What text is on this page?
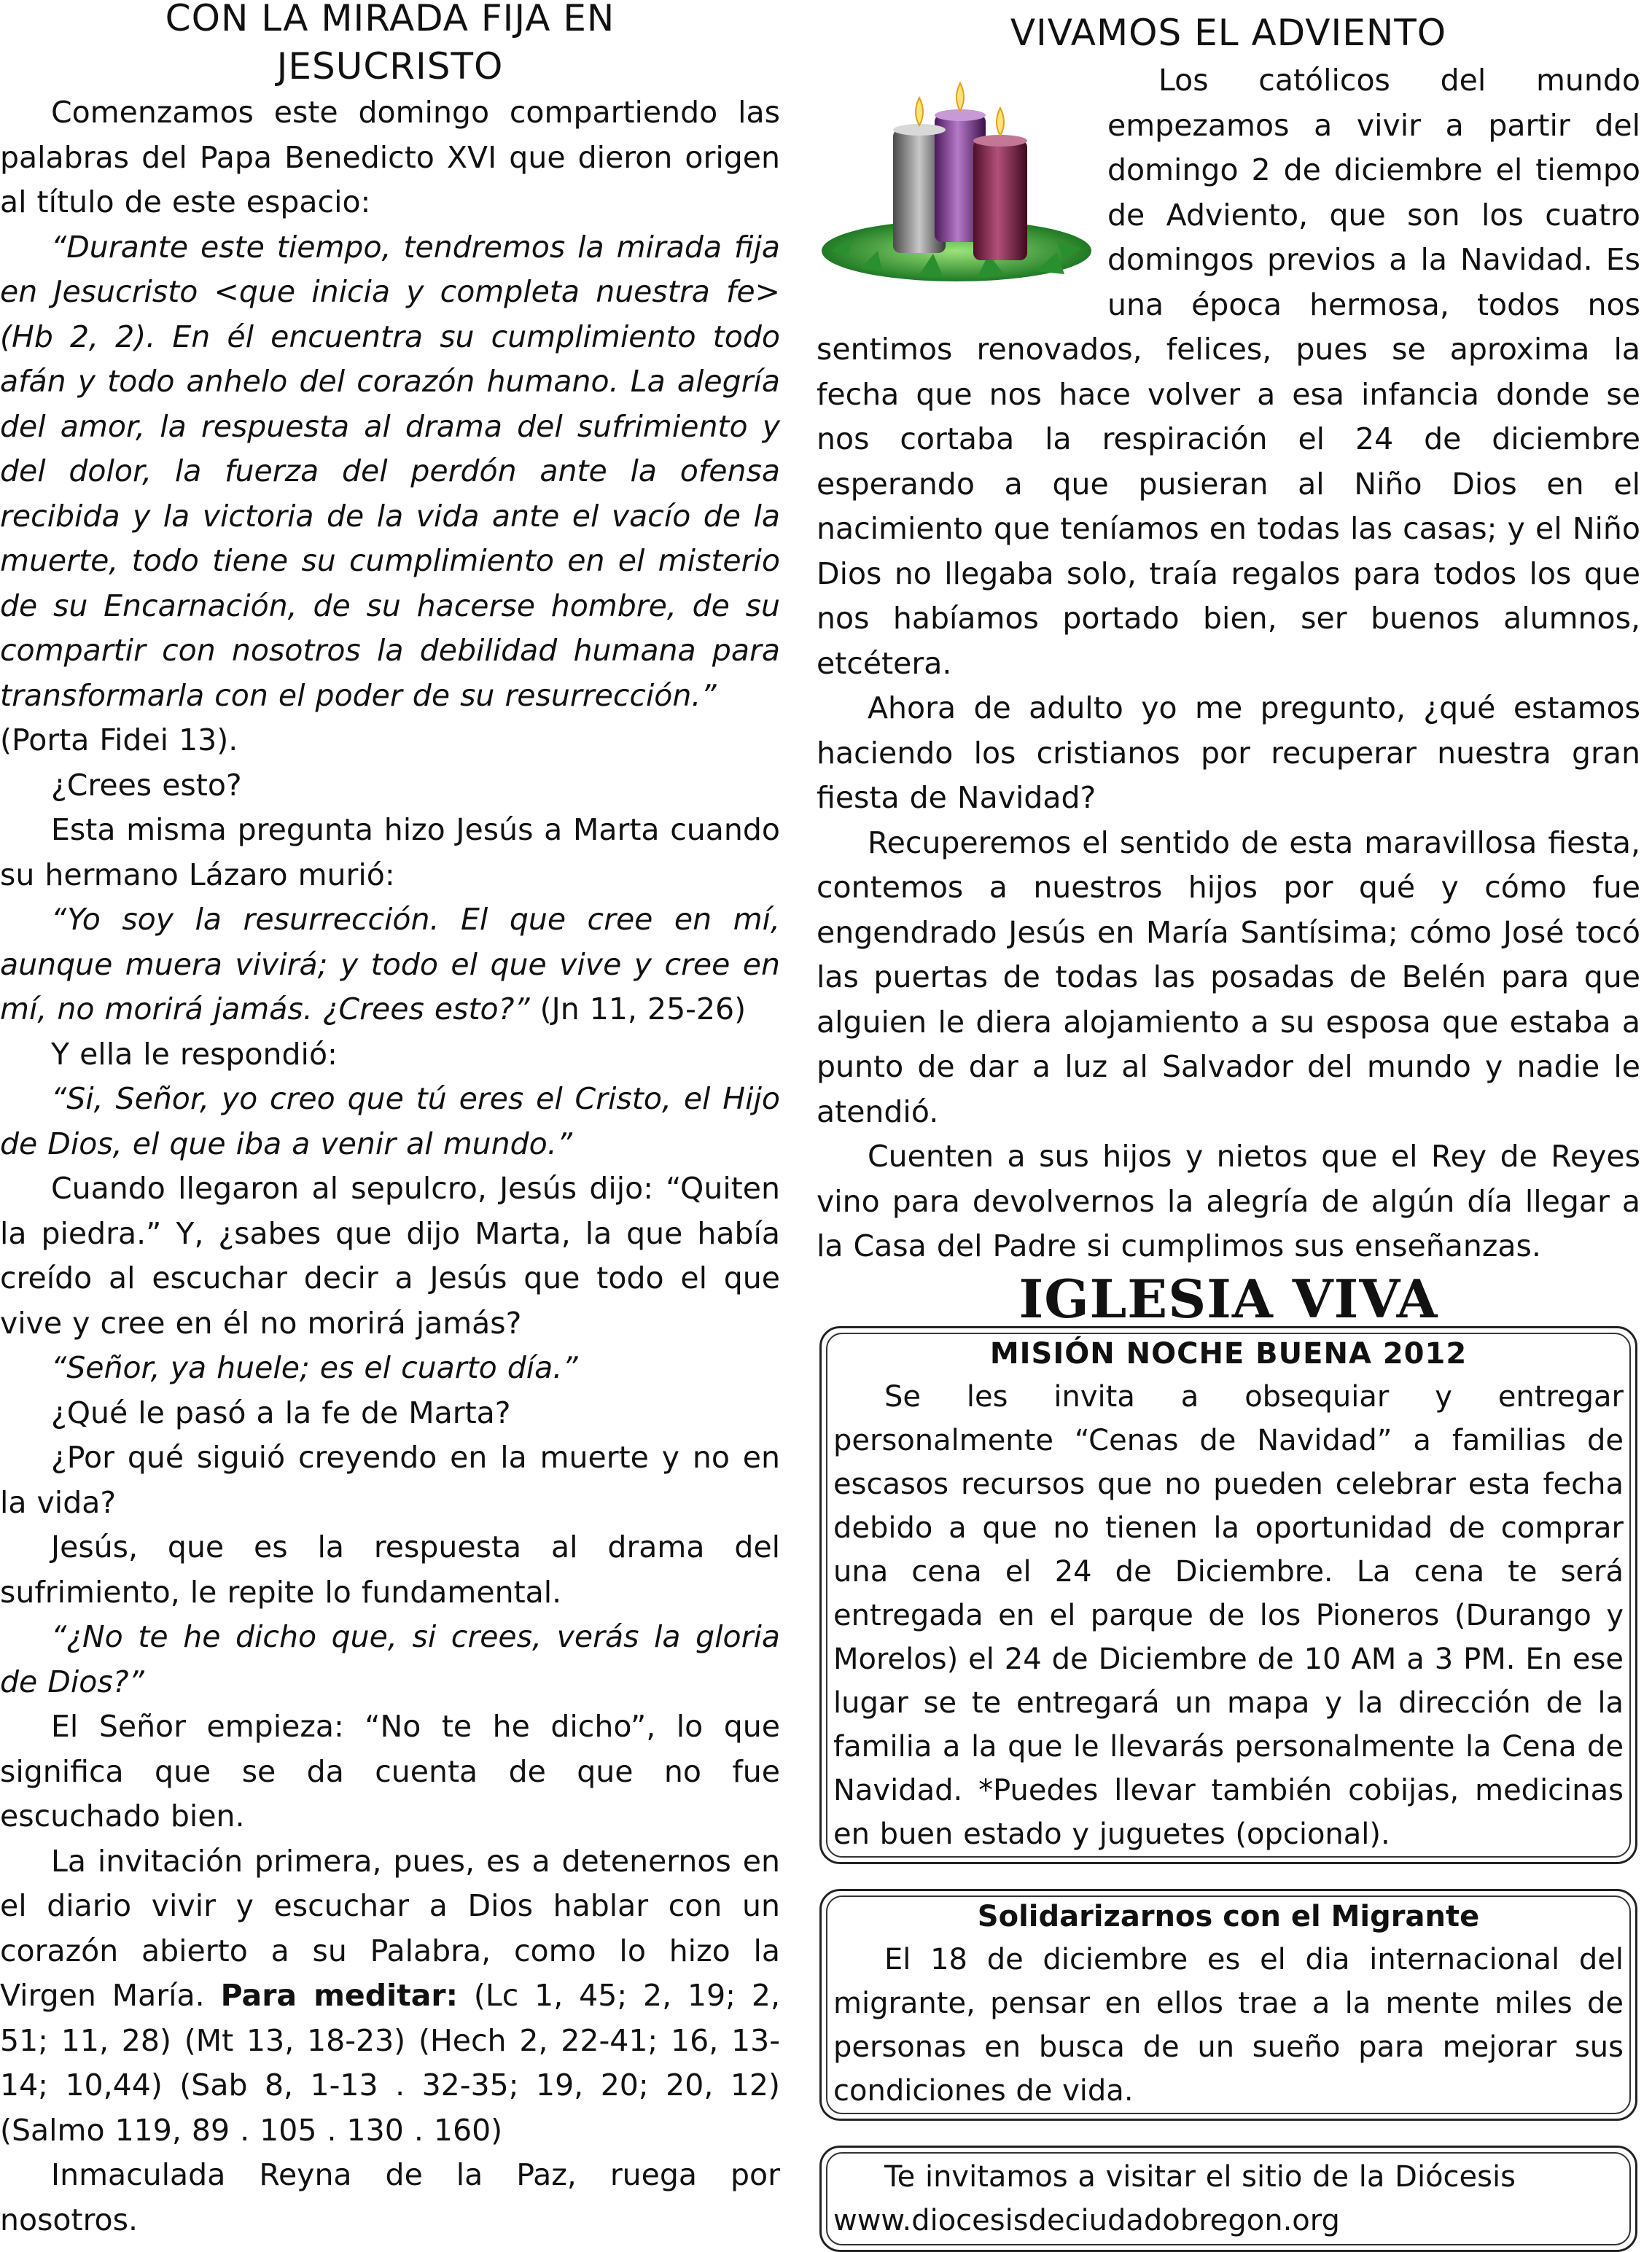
CON LA MIRADA FIJA EN
JESUCRISTO

Comenzamos este domingo compartiendo las palabras del Papa Benedicto XVI que dieron origen al título de este espacio:

“Durante este tiempo, tendremos la mirada fija en Jesucristo <que inicia y completa nuestra fe> (Hb 2, 2). En él encuentra su cumplimiento todo afán y todo anhelo del corazón humano. La alegría del amor, la respuesta al drama del sufrimiento y del dolor, la fuerza del perdón ante la ofensa recibida y la victoria de la vida ante el vacío de la muerte, todo tiene su cumplimiento en el misterio de su Encarnación, de su hacerse hombre, de su compartir con nosotros la debilidad humana para transformarla con el poder de su resurrección.”
(Porta Fidei 13).

¿Crees esto?

Esta misma pregunta hizo Jesús a Marta cuando su hermano Lázaro murió:

“Yo soy la resurrección. El que cree en mí, aunque muera vivirá; y todo el que vive y cree en mí, no morirá jamás. ¿Crees esto?” (Jn 11, 25-26)

Y ella le respondió:

“Si, Señor, yo creo que tú eres el Cristo, el Hijo de Dios, el que iba a venir al mundo.”

Cuando llegaron al sepulcro, Jesús dijo: “Quiten la piedra.” Y, ¿sabes que dijo Marta, la que había creído al escuchar decir a Jesús que todo el que vive y cree en él no morirá jamás?

“Señor, ya huele; es el cuarto día.”

¿Qué le pasó a la fe de Marta?

¿Por qué siguió creyendo en la muerte y no en la vida?

Jesús, que es la respuesta al drama del sufrimiento, le repite lo fundamental.

“¿No te he dicho que, si crees, verás la gloria de Dios?”

El Señor empieza: “No te he dicho”, lo que significa que se da cuenta de que no fue escuchado bien.

La invitación primera, pues, es a detenernos en el diario vivir y escuchar a Dios hablar con un corazón abierto a su Palabra, como lo hizo la Virgen María. Para meditar: (Lc 1, 45; 2, 19; 2, 51; 11, 28) (Mt 13, 18-23) (Hech 2, 22-41; 16, 13-14; 10,44) (Sab 8, 1-13 . 32-35; 19, 20; 20, 12) (Salmo 119, 89 . 105 . 130 . 160)

Inmaculada Reyna de la Paz, ruega por nosotros.

VIVAMOS EL ADVIENTO

Los católicos del mundo empezamos a vivir a partir del domingo 2 de diciembre el tiempo de Adviento, que son los cuatro domingos previos a la Navidad. Es una época hermosa, todos nos sentimos renovados, felices, pues se aproxima la fecha que nos hace volver a esa infancia donde se nos cortaba la respiración el 24 de diciembre esperando a que pusieran al Niño Dios en el nacimiento que teníamos en todas las casas; y el Niño Dios no llegaba solo, traía regalos para todos los que nos habíamos portado bien, ser buenos alumnos, etcétera.

Ahora de adulto yo me pregunto, ¿qué estamos haciendo los cristianos por recuperar nuestra gran fiesta de Navidad?

Recuperemos el sentido de esta maravillosa fiesta, contemos a nuestros hijos por qué y cómo fue engendrado Jesús en María Santísima; cómo José tocó las puertas de todas las posadas de Belén para que alguien le diera alojamiento a su esposa que estaba a punto de dar a luz al Salvador del mundo y nadie le atendió.

Cuenten a sus hijos y nietos que el Rey de Reyes vino para devolvernos la alegría de algún día llegar a la Casa del Padre si cumplimos sus enseñanzas.

IGLESIA VIVA
MISIÓN NOCHE BUENA 2012

Se les invita a obsequiar y entregar personalmente “Cenas de Navidad” a familias de escasos recursos que no pueden celebrar esta fecha debido a que no tienen la oportunidad de comprar una cena el 24 de Diciembre. La cena te será entregada en el parque de los Pioneros (Durango y Morelos) el 24 de Diciembre de 10 AM a 3 PM. En ese lugar se te entregará un mapa y la dirección de la familia a la que le llevarás personalmente la Cena de Navidad. *Puedes llevar también cobijas, medicinas en buen estado y juguetes (opcional).

Solidarizarnos con el Migrante

El 18 de diciembre es el dia internacional del migrante, pensar en ellos trae a la mente miles de personas en busca de un sueño para mejorar sus condiciones de vida.

Te invitamos a visitar el sitio de la Diócesis

www.diocesisdeciudadobregon.org
